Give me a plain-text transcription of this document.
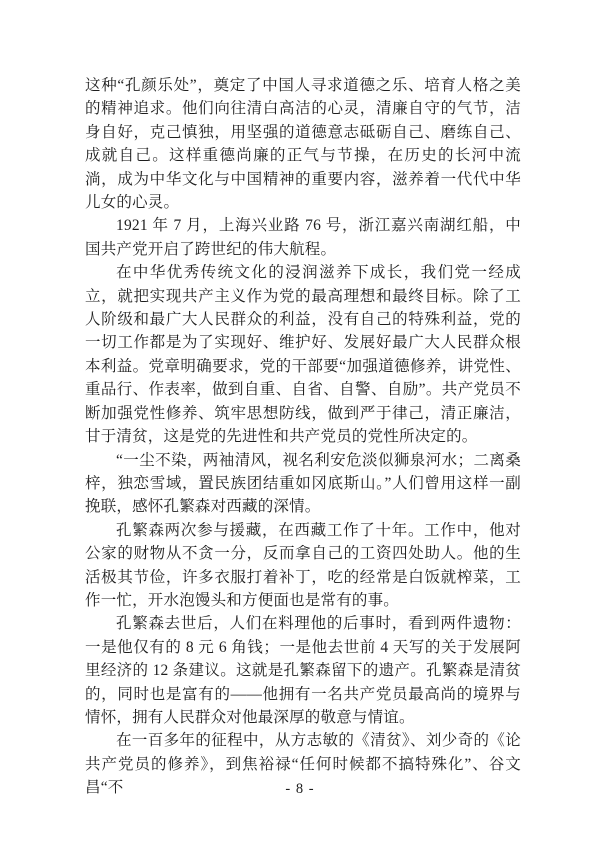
这种“孔颜乐处”，奠定了中国人寻求道德之乐、培育人格之美的精神追求。他们向往清白高洁的心灵，清廉自守的气节，洁身自好，克己慎独，用坚强的道德意志砥砺自己、磨练自己、成就自己。这样重德尚廉的正气与节操，在历史的长河中流淌，成为中华文化与中国精神的重要内容，滋养着一代代中华儿女的心灵。

1921 年 7 月，上海兴业路 76 号，浙江嘉兴南湖红船，中国共产党开启了跨世纪的伟大航程。

在中华优秀传统文化的浸润滋养下成长，我们党一经成立，就把实现共产主义作为党的最高理想和最终目标。除了工人阶级和最广大人民群众的利益，没有自己的特殊利益，党的一切工作都是为了实现好、维护好、发展好最广大人民群众根本利益。党章明确要求，党的干部要“加强道德修养，讲党性、重品行、作表率，做到自重、自省、自警、自励”。共产党员不断加强党性修养、筑牢思想防线，做到严于律己，清正廉洁，甘于清贫，这是党的先进性和共产党员的党性所决定的。

“一尘不染，两袖清风，视名利安危淡似狮泉河水；二离桑梓，独恋雪域，置民族团结重如冈底斯山。”人们曾用这样一副挽联，感怀孔繁森对西藏的深情。

孔繁森两次参与援藏，在西藏工作了十年。工作中，他对公家的财物从不贪一分，反而拿自己的工资四处助人。他的生活极其节俭，许多衣服打着补丁，吃的经常是白饭就榨菜，工作一忙，开水泡馒头和方便面也是常有的事。

孔繁森去世后，人们在料理他的后事时，看到两件遗物：一是他仅有的 8 元 6 角钱；一是他去世前 4 天写的关于发展阿里经济的 12 条建议。这就是孔繁森留下的遗产。孔繁森是清贫的，同时也是富有的——他拥有一名共产党员最高尚的境界与情怀，拥有人民群众对他最深厚的敬意与情谊。

在一百多年的征程中，从方志敏的《清贫》、刘少奇的《论共产党员的修养》，到焦裕禄“任何时候都不搞特殊化”、谷文昌“不	- 8 -
